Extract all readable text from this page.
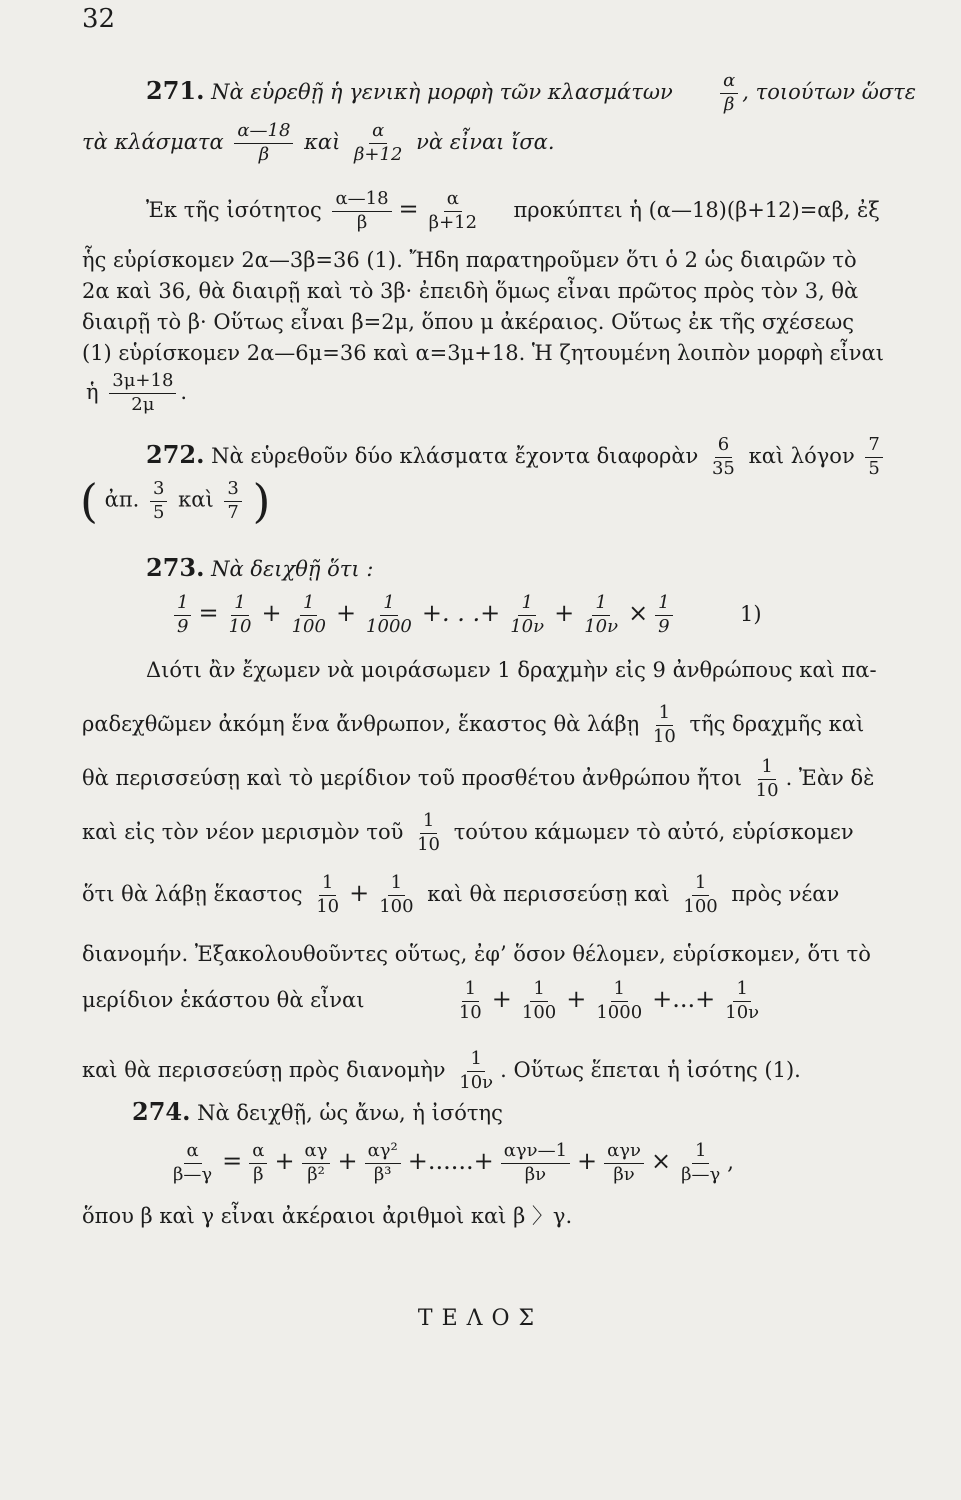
32
271. Νὰ εὑρεθῇ ἡ γενικὴ μορφὴ τῶν κλασμάτων	$\frac{\alpha}{\beta}$ , τοιούτων ὥστε
τὰ κλάσματα $\frac{\alpha—18}{\beta}$ καὶ $\frac{\alpha}{\beta+12}$ νὰ εἶναι ἴσα.
Ἐκ τῆς ἰσότητος $\frac{\alpha—18}{\beta} = \frac{\alpha}{\beta+12}$ προκύπτει ἡ (α—18)(β+12)=αβ, ἐξ
ἧς εὑρίσκομεν 2α—3β=36 (1). Ἤδη παρατηροῦμεν ὅτι ὁ 2 ὡς διαιρῶν τὸ
2α καὶ 36, θὰ διαιρῇ καὶ τὸ 3β· ἐπειδὴ ὅμως εἶναι πρῶτος πρὸς τὸν 3, θὰ
διαιρῇ τὸ β· Οὕτως εἶναι β=2μ, ὅπου μ ἀκέραιος. Οὕτως ἐκ τῆς σχέσεως
(1) εὑρίσκομεν 2α—6μ=36 καὶ α=3μ+18. Ἡ ζητουμένη λοιπὸν μορφὴ εἶναι
ἡ $\frac{3\mu+18}{2\mu}$ .
272. Νὰ εὑρεθοῦν δύο κλάσματα ἔχοντα διαφορὰν $\frac{6}{35}$ καὶ λόγον $\frac{7}{5}$
( ἀπ. $\frac{3}{5}$ καὶ $\frac{3}{7}$ )
273. Νὰ δειχθῇ ὅτι :
$\frac{1}{9} = \frac{1}{10} + \frac{1}{100} + \frac{1}{1000}$ +. . .+ $\frac{1}{10\nu} + \frac{1}{10\nu} \times \frac{1}{9}$	1)
Διότι ἂν ἔχωμεν νὰ μοιράσωμεν 1 δραχμὴν εἰς 9 ἀνθρώπους καὶ πα-
ραδεχθῶμεν ἀκόμη ἕνα ἄνθρωπον, ἕκαστος θὰ λάβῃ $\frac{1}{10}$ τῆς δραχμῆς καὶ
θὰ περισσεύσῃ καὶ τὸ μερίδιον τοῦ προσθέτου ἀνθρώπου ἤτοι $\frac{1}{10}$ . Ἐὰν δὲ
καὶ εἰς τὸν νέον μερισμὸν τοῦ $\frac{1}{10}$ τούτου κάμωμεν τὸ αὐτό, εὑρίσκομεν
ὅτι θὰ λάβῃ ἕκαστος $\frac{1}{10} + \frac{1}{100}$ καὶ θὰ περισσεύσῃ καὶ $\frac{1}{100}$ πρὸς νέαν
διανομήν. Ἐξακολουθοῦντες οὕτως, ἐφ’ ὅσον θέλομεν, εὑρίσκομεν, ὅτι τὸ
μερίδιον ἑκάστου θὰ εἶναι	$\frac{1}{10} + \frac{1}{100} + \frac{1}{1000}$ +...+ $\frac{1}{10\nu}$
καὶ θὰ περισσεύσῃ πρὸς διανομὴν $\frac{1}{10\nu}$ . Οὕτως ἕπεται ἡ ἰσότης (1).
274. Νὰ δειχθῇ, ὡς ἄνω, ἡ ἰσότης
$\frac{\alpha}{\beta—\gamma} = \frac{\alpha}{\beta} + \frac{\alpha\gamma}{\text{β²}} + \frac{\text{αγ²}}{\text{β³}}$ +......+ $\frac{\text{αγν—1}}{\beta\nu} + \frac{\text{αγν}}{\beta\nu} \times \frac{1}{\beta—\gamma}$ ,
ὅπου β καὶ γ εἶναι ἀκέραιοι ἀριθμοὶ καὶ β 〉γ.
ΤΕΛΟΣ
